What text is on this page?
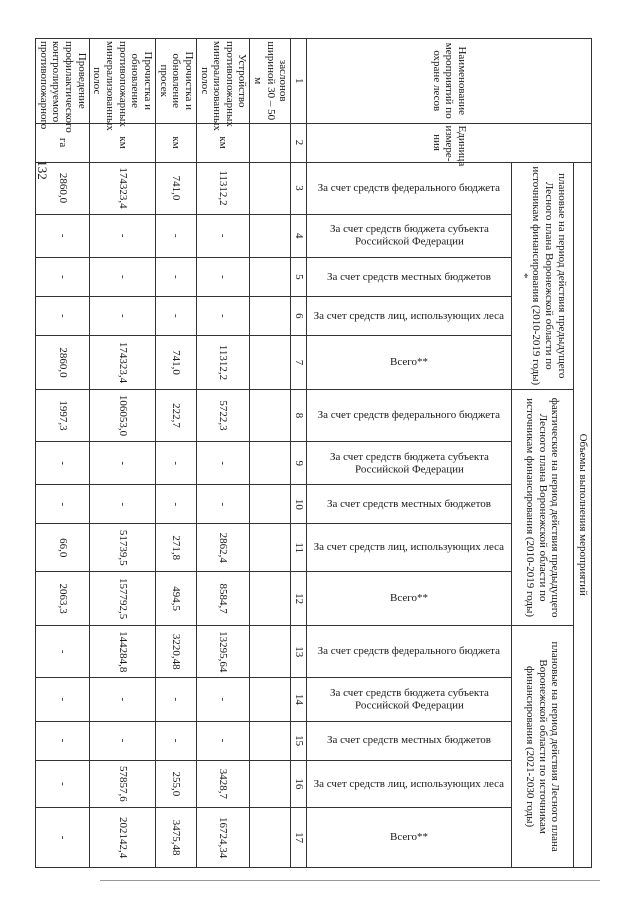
132
Наименование мероприятий по охране лесов	Единица измере-ния	Объемы выполнения мероприятий														
		плановые на период действия предыдущего Лесного плана Воронежской области по источникам финансирования (2010-2019 годы) *					фактические на период действия предыдущего Лесного плана Воронежской области по источникам финансирования (2010-2019 годы)					плановые на период действия Лесного плана Воронежской области по источникам финансирования (2021-2030 годы)				

		За счет средств федерального бюджета	За счет средств бюджета субъекта Российской Федерации	За счет средств местных бюджетов	За счет средств лиц, использующих леса	Всего**	За счет средств федерального бюджета	За счет средств бюджета субъекта Российской Федерации	За счет средств местных бюджетов	За счет средств лиц, использующих леса	Всего**	За счет средств федерального бюджета	За счет средств бюджета субъекта Российской Федерации	За счет средств местных бюджетов	За счет средств лиц, использующих леса	Всего**

1	2	3	4	5	6	7	8	9	10	11	12	13	14	15	16	17
заслонов шириной 30 – 50 м																
Устройство противопожарных минерализованных полос	км	11312,2	-	-	-	11312,2	5722,3	-	-	2862,4	8584,7	13295,64	-	-	3428,7	16724,34
Прочистка и обновление просек	км	741,0	-	-	-	741,0	222,7	-	-	271,8	494,5	3220,48	-	-	255,0	3475,48
Прочистка и обновление противопожарных минерализованных полос	км	174323,4	-	-	-	174323,4	106053,0	-	-	51739,5	157792,5	144284,8	-	-	57857,6	202142,4
Проведение профилактического контролируемого противопожарного	га	2860,0	-	-	-	2860,0	1997,3	-	-	66,0	2063,3	-	-	-	-	-
